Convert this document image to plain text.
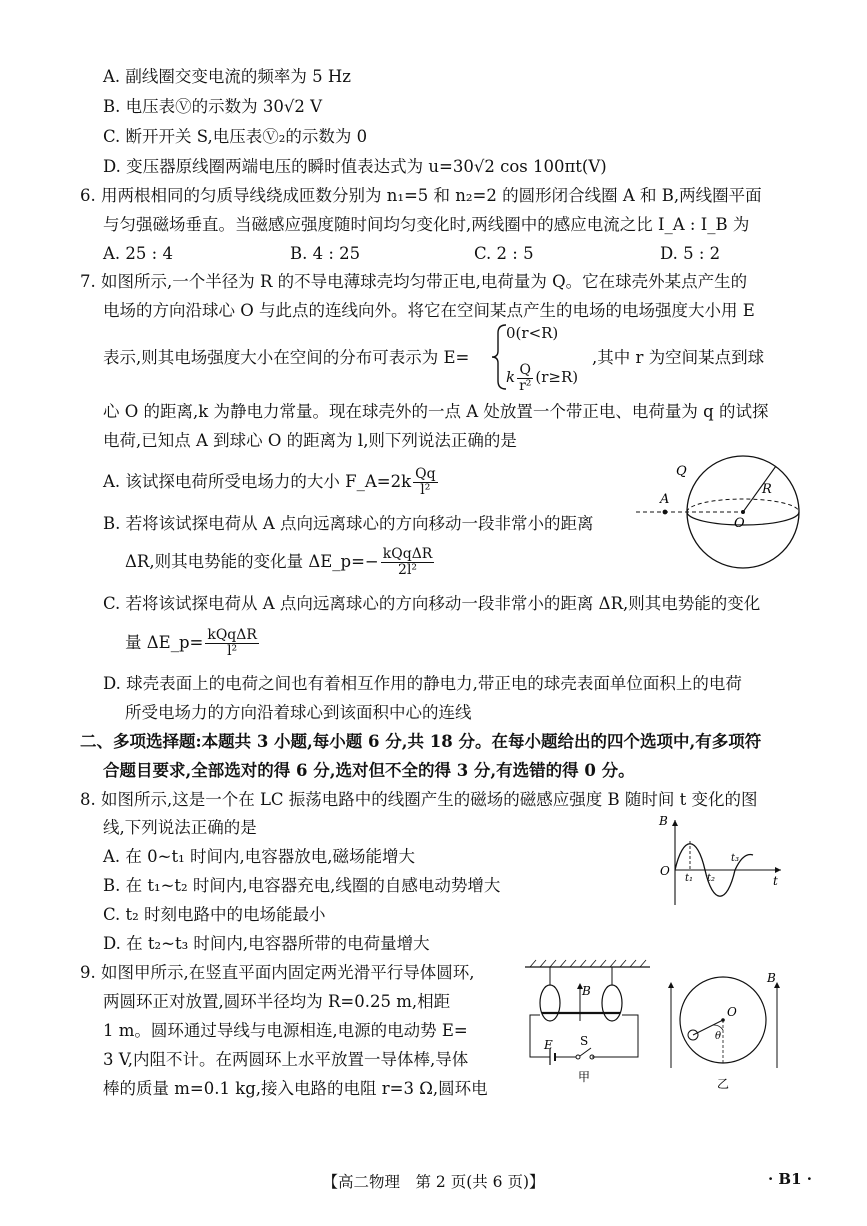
A. 副线圈交变电流的频率为 5 Hz
B. 电压表Ⓥ的示数为 30√2 V
C. 断开开关 S,电压表Ⓥ₂的示数为 0
D. 变压器原线圈两端电压的瞬时值表达式为 u=30√2 cos 100πt(V)
6. 用两根相同的匀质导线绕成匝数分别为 n₁=5 和 n₂=2 的圆形闭合线圈 A 和 B,两线圈平面
与匀强磁场垂直。当磁感应强度随时间均匀变化时,两线圈中的感应电流之比 I_A : I_B 为
A. 25 : 4	B. 4 : 25	C. 2 : 5	D. 5 : 2
7. 如图所示,一个半径为 R 的不导电薄球壳均匀带正电,电荷量为 Q。它在球壳外某点产生的
电场的方向沿球心 O 与此点的连线向外。将它在空间某点产生的电场的电场强度大小用 E
表示,则其电场强度大小在空间的分布可表示为 E=
0(r<R)
k $\frac{Q}{\text{r²}} (r\ge R)$
,其中 r 为空间某点到球
心 O 的距离,k 为静电力常量。现在球壳外的一点 A 处放置一个带正电、电荷量为 q 的试探
电荷,已知点 A 到球心 O 的距离为 l,则下列说法正确的是
A. 该试探电荷所受电场力的大小 F_A=2k $\frac{Qq}{\text{l²}}$
B. 若将该试探电荷从 A 点向远离球心的方向移动一段非常小的距离
ΔR,则其电势能的变化量 ΔE_p=− $\frac{\text{kQqΔR}}{\text{2l²}}$
C. 若将该试探电荷从 A 点向远离球心的方向移动一段非常小的距离 ΔR,则其电势能的变化
量 ΔE_p= $\frac{\text{kQqΔR}}{\text{l²}}$
D. 球壳表面上的电荷之间也有着相互作用的静电力,带正电的球壳表面单位面积上的电荷
所受电场力的方向沿着球心到该面积中心的连线
Q
A
R
O
二、多项选择题:本题共 3 小题,每小题 6 分,共 18 分。在每小题给出的四个选项中,有多项符
合题目要求,全部选对的得 6 分,选对但不全的得 3 分,有选错的得 0 分。
8. 如图所示,这是一个在 LC 振荡电路中的线圈产生的磁场的磁感应强度 B 随时间 t 变化的图
线,下列说法正确的是
A. 在 0~t₁ 时间内,电容器放电,磁场能增大
B. 在 t₁~t₂ 时间内,电容器充电,线圈的自感电动势增大
C. t₂ 时刻电路中的电场能最小
D. 在 t₂~t₃ 时间内,电容器所带的电荷量增大
B
O
t
t₁ t₂
t₃
9. 如图甲所示,在竖直平面内固定两光滑平行导体圆环,
两圆环正对放置,圆环半径均为 R=0.25 m,相距
1 m。圆环通过导线与电源相连,电源的电动势 E=
3 V,内阻不计。在两圆环上水平放置一导体棒,导体
棒的质量 m=0.1 kg,接入电路的电阻 r=3 Ω,圆环电
B
E S
甲
O
θ
B
乙
【高二物理　第 2 页(共 6 页)】	· B1 ·
